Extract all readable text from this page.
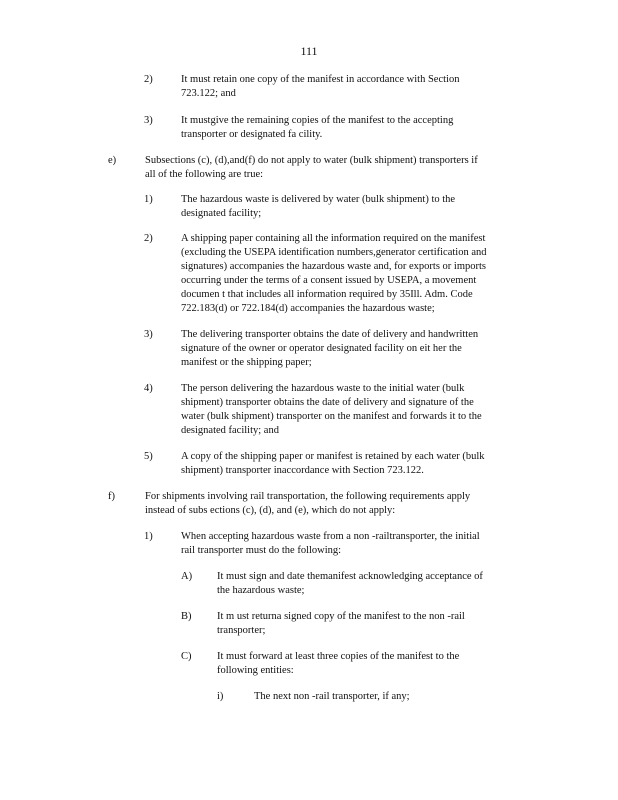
111
2)	It must retain one copy of the manifest in accordance with Section
723.122; and
3)	It mustgive the remaining copies of the manifest to the accepting
transporter or designated fa cility.
e)	Subsections (c), (d),and(f) do not apply to water (bulk shipment) transporters if
all of the following are true:
1)	The hazardous waste is delivered by water (bulk shipment) to the
designated facility;
2)	A shipping paper containing all the information required on the manifest
(excluding the USEPA identification numbers,generator certification and
signatures) accompanies the hazardous waste and, for exports or imports
occurring under the terms of a consent issued by USEPA, a movement
documen t that includes all information required by 35Ill. Adm. Code
722.183(d) or 722.184(d) accompanies the hazardous waste;
3)	The delivering transporter obtains the date of delivery and handwritten
signature of the owner or operator designated facility on eit her the
manifest or the shipping paper;
4)	The person delivering the hazardous waste to the initial water (bulk
shipment) transporter obtains the date of delivery and signature of the
water (bulk shipment) transporter on the manifest and forwards it to the
designated facility; and
5)	A copy of the shipping paper or manifest is retained by each water (bulk
shipment) transporter inaccordance with Section 723.122.
f)	For shipments involving rail transportation, the following requirements apply
instead of subs ections (c), (d), and (e), which do not apply:
1)	When accepting hazardous waste from a non -railtransporter, the initial
rail transporter must do the following:
A) It must sign and date themanifest acknowledging acceptance of
the hazardous waste;
B) It m ust returna signed copy of the manifest to the non -rail
transporter;
C) It must forward at least three copies of the manifest to the
following entities:
i)	The next non -rail transporter, if any;
